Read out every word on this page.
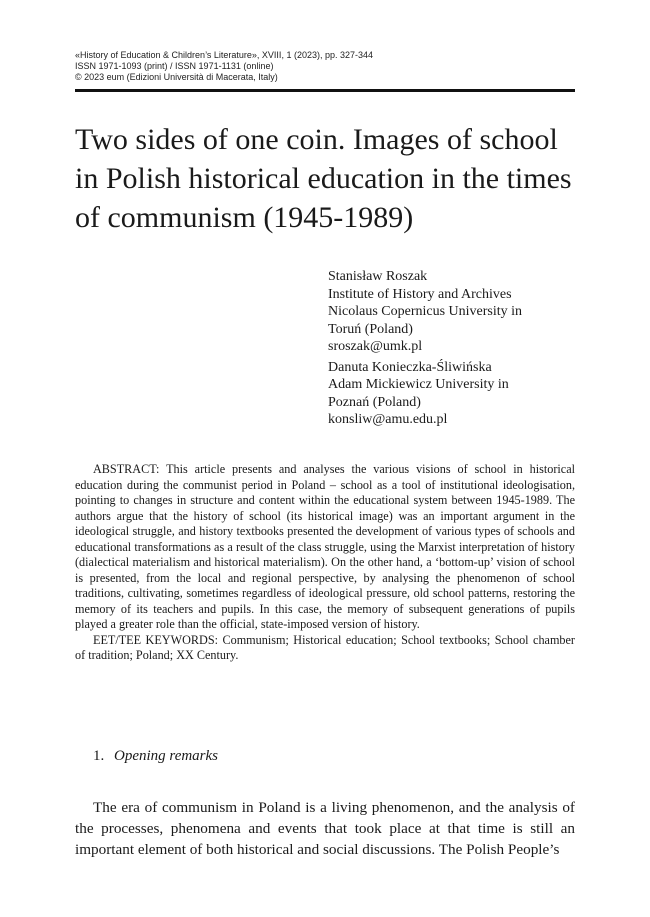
«History of Education & Children’s Literature», XVIII, 1 (2023), pp. 327-344
ISSN 1971-1093 (print) / ISSN 1971-1131 (online)
© 2023 eum (Edizioni Università di Macerata, Italy)
Two sides of one coin. Images of school
in Polish historical education in the times
of communism (1945-1989)
Stanisław Roszak
Institute of History and Archives
Nicolaus Copernicus University in
Toruń (Poland)
sroszak@umk.pl
Danuta Konieczka-Śliwińska
Adam Mickiewicz University in
Poznań (Poland)
konsliw@amu.edu.pl

ABSTRACT: This article presents and analyses the various visions of school in historical education during the communist period in Poland – school as a tool of institutional ideologisation, pointing to changes in structure and content within the educational system between 1945-1989. The authors argue that the history of school (its historical image) was an important argument in the ideological struggle, and history textbooks presented the development of various types of schools and educational transformations as a result of the class struggle, using the Marxist interpretation of history (dialectical materialism and historical materialism). On the other hand, a ‘bottom-up’ vision of school is presented, from the local and regional perspective, by analysing the phenomenon of school traditions, cultivating, sometimes regardless of ideological pressure, old school patterns, restoring the memory of its teachers and pupils. In this case, the memory of subsequent generations of pupils played a greater role than the official, state-imposed version of history.

EET/TEE KEYWORDS: Communism; Historical education; School textbooks; School chamber of tradition; Poland; XX Century.

1. Opening remarks

The era of communism in Poland is a living phenomenon, and the analysis of the processes, phenomena and events that took place at that time is still an important element of both historical and social discussions. The Polish People’s
